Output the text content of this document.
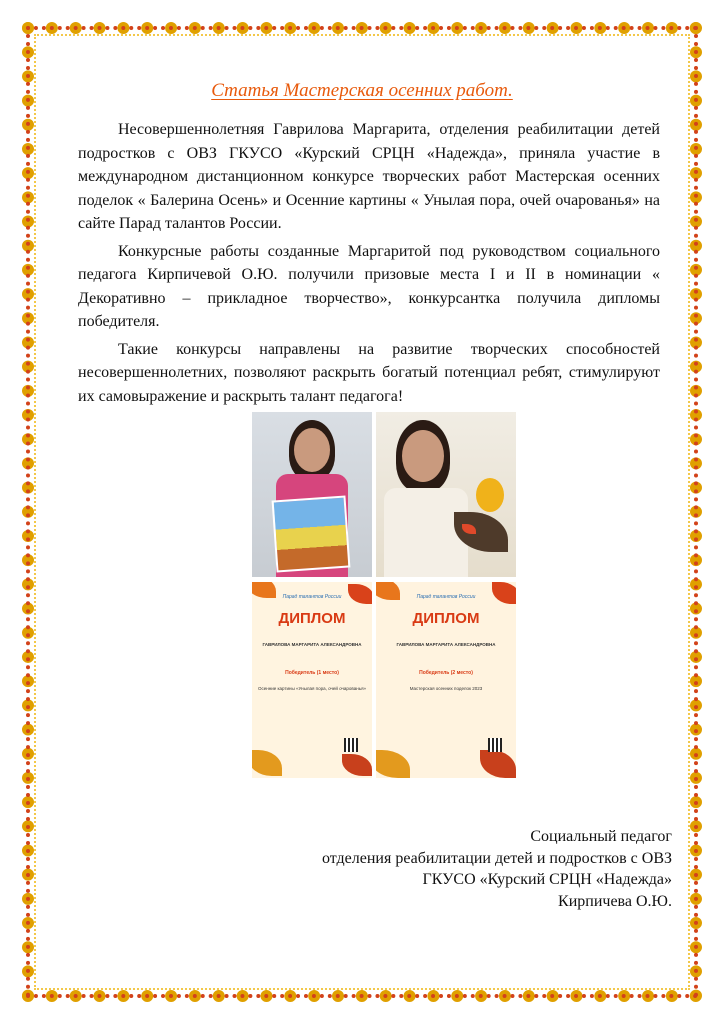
Статья Мастерская осенних работ.

Несовершеннолетняя Гаврилова Маргарита, отделения реабилитации детей подростков с ОВЗ ГКУСО «Курский СРЦН «Надежда», приняла участие в международном дистанционном конкурсе творческих работ Мастерская осенних поделок « Балерина Осень» и Осенние картины « Унылая пора, очей очарованья» на сайте Парад талантов России.

Конкурсные работы созданные Маргаритой под руководством социального педагога Кирпичевой О.Ю. получили призовые места I и II в номинации « Декоративно – прикладное творчество», конкурсантка получила дипломы победителя.

Такие конкурсы направлены на развитие творческих способностей несовершеннолетних, позволяют раскрыть богатый потенциал ребят, стимулируют их самовыражение и раскрыть талант педагога!

Парад талантов России
ДИПЛОМ
ГАВРИЛОВА МАРГАРИТА АЛЕКСАНДРОВНА
Победитель (1 место)
Осенние картины «Унылая пора, очей очарованья»
Парад талантов России
ДИПЛОМ
ГАВРИЛОВА МАРГАРИТА АЛЕКСАНДРОВНА
Победитель (2 место)
Мастерская осенних поделок 2023
Социальный педагог
отделения реабилитации детей и подростков с ОВЗ
ГКУСО «Курский СРЦН «Надежда»
Кирпичева О.Ю.
